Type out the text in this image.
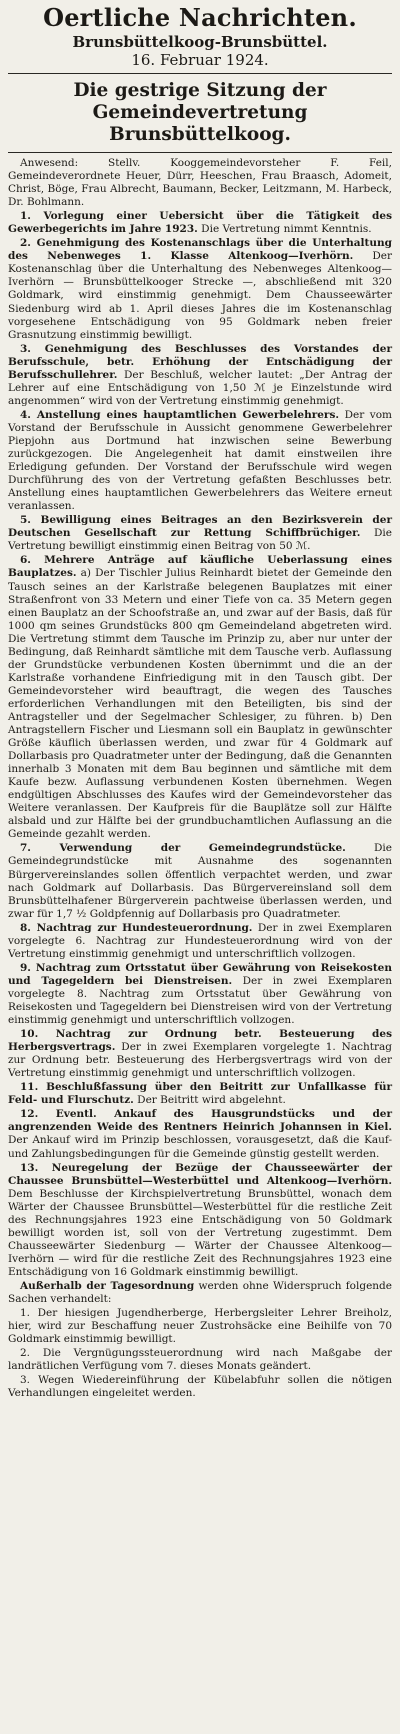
Oertliche Nachrichten.
Brunsbüttelkoog-Brunsbüttel.
16. Februar 1924.
Die gestrige Sitzung der
Gemeindevertretung Brunsbüttelkoog.

Anwesend: Stellv. Kooggemeindevorsteher F. Feil, Gemeindeverordnete Heuer, Dürr, Heeschen, Frau Braasch, Adomeit, Christ, Böge, Frau Albrecht, Baumann, Becker, Leitzmann, M. Harbeck, Dr. Bohlmann.

1. Vorlegung einer Uebersicht über die Tätigkeit des Gewerbegerichts im Jahre 1923. Die Vertretung nimmt Kenntnis.

2. Genehmigung des Kostenanschlags über die Unterhaltung des Nebenweges 1. Klasse Altenkoog—Iverhörn. Der Kostenanschlag über die Unterhaltung des Nebenweges Altenkoog—Iverhörn — Brunsbüttelkooger Strecke —, abschließend mit 320 Goldmark, wird einstimmig genehmigt. Dem Chausseewärter Siedenburg wird ab 1. April dieses Jahres die im Kostenanschlag vorgesehene Entschädigung von 95 Goldmark neben freier Grasnutzung einstimmig bewilligt.

3. Genehmigung des Beschlusses des Vorstandes der Berufsschule, betr. Erhöhung der Entschädigung der Berufsschullehrer. Der Beschluß, welcher lautet: „Der Antrag der Lehrer auf eine Entschädigung von 1,50 ℳ je Einzelstunde wird angenommen“ wird von der Vertretung einstimmig genehmigt.

4. Anstellung eines hauptamtlichen Gewerbelehrers. Der vom Vorstand der Berufsschule in Aussicht genommene Gewerbelehrer Piepjohn aus Dortmund hat inzwischen seine Bewerbung zurückgezogen. Die Angelegenheit hat damit einstweilen ihre Erledigung gefunden. Der Vorstand der Berufsschule wird wegen Durchführung des von der Vertretung gefaßten Beschlusses betr. Anstellung eines hauptamtlichen Gewerbelehrers das Weitere erneut veranlassen.

5. Bewilligung eines Beitrages an den Bezirksverein der Deutschen Gesellschaft zur Rettung Schiffbrüchiger. Die Vertretung bewilligt einstimmig einen Beitrag von 50 ℳ.

6. Mehrere Anträge auf käufliche Ueberlassung eines Bauplatzes. a) Der Tischler Julius Reinhardt bietet der Gemeinde den Tausch seines an der Karlstraße belegenen Bauplatzes mit einer Straßenfront von 33 Metern und einer Tiefe von ca. 35 Metern gegen einen Bauplatz an der Schoofstraße an, und zwar auf der Basis, daß für 1000 qm seines Grundstücks 800 qm Gemeindeland abgetreten wird. Die Vertretung stimmt dem Tausche im Prinzip zu, aber nur unter der Bedingung, daß Reinhardt sämtliche mit dem Tausche verb. Auflassung der Grundstücke verbundenen Kosten übernimmt und die an der Karlstraße vorhandene Einfriedigung mit in den Tausch gibt. Der Gemeindevorsteher wird beauftragt, die wegen des Tausches erforderlichen Verhandlungen mit den Beteiligten, bis sind der Antragsteller und der Segelmacher Schlesiger, zu führen. b) Den Antragstellern Fischer und Liesmann soll ein Bauplatz in gewünschter Größe käuflich überlassen werden, und zwar für 4 Goldmark auf Dollarbasis pro Quadratmeter unter der Bedingung, daß die Genannten innerhalb 3 Monaten mit dem Bau beginnen und sämtliche mit dem Kaufe bezw. Auflassung verbundenen Kosten übernehmen. Wegen endgültigen Abschlusses des Kaufes wird der Gemeindevorsteher das Weitere veranlassen. Der Kaufpreis für die Bauplätze soll zur Hälfte alsbald und zur Hälfte bei der grundbuchamtlichen Auflassung an die Gemeinde gezahlt werden.

7. Verwendung der Gemeindegrundstücke. Die Gemeindegrundstücke mit Ausnahme des sogenannten Bürgervereinslandes sollen öffentlich verpachtet werden, und zwar nach Goldmark auf Dollarbasis. Das Bürgervereinsland soll dem Brunsbüttelhafener Bürgerverein pachtweise überlassen werden, und zwar für 1,7 ½ Goldpfennig auf Dollarbasis pro Quadratmeter.

8. Nachtrag zur Hundesteuerordnung. Der in zwei Exemplaren vorgelegte 6. Nachtrag zur Hundesteuerordnung wird von der Vertretung einstimmig genehmigt und unterschriftlich vollzogen.

9. Nachtrag zum Ortsstatut über Gewährung von Reisekosten und Tagegeldern bei Dienstreisen. Der in zwei Exemplaren vorgelegte 8. Nachtrag zum Ortsstatut über Gewährung von Reisekosten und Tagegeldern bei Dienstreisen wird von der Vertretung einstimmig genehmigt und unterschriftlich vollzogen.

10. Nachtrag zur Ordnung betr. Besteuerung des Herbergsvertrags. Der in zwei Exemplaren vorgelegte 1. Nachtrag zur Ordnung betr. Besteuerung des Herbergsvertrags wird von der Vertretung einstimmig genehmigt und unterschriftlich vollzogen.

11. Beschlußfassung über den Beitritt zur Unfallkasse für Feld- und Flurschutz. Der Beitritt wird abgelehnt.

12. Eventl. Ankauf des Hausgrundstücks und der angrenzenden Weide des Rentners Heinrich Johannsen in Kiel. Der Ankauf wird im Prinzip beschlossen, vorausgesetzt, daß die Kauf- und Zahlungsbedingungen für die Gemeinde günstig gestellt werden.

13. Neuregelung der Bezüge der Chausseewärter der Chaussee Brunsbüttel—Westerbüttel und Altenkoog—Iverhörn. Dem Beschlusse der Kirchspielvertretung Brunsbüttel, wonach dem Wärter der Chaussee Brunsbüttel—Westerbüttel für die restliche Zeit des Rechnungsjahres 1923 eine Entschädigung von 50 Goldmark bewilligt worden ist, soll von der Vertretung zugestimmt. Dem Chausseewärter Siedenburg — Wärter der Chaussee Altenkoog—Iverhörn — wird für die restliche Zeit des Rechnungsjahres 1923 eine Entschädigung von 16 Goldmark einstimmig bewilligt.

Außerhalb der Tagesordnung werden ohne Widerspruch folgende Sachen verhandelt:

1. Der hiesigen Jugendherberge, Herbergsleiter Lehrer Breiholz, hier, wird zur Beschaffung neuer Zustrohsäcke eine Beihilfe von 70 Goldmark einstimmig bewilligt.

2. Die Vergnügungssteuerordnung wird nach Maßgabe der landrätlichen Verfügung vom 7. dieses Monats geändert.

3. Wegen Wiedereinführung der Kübelabfuhr sollen die nötigen Verhandlungen eingeleitet werden.
